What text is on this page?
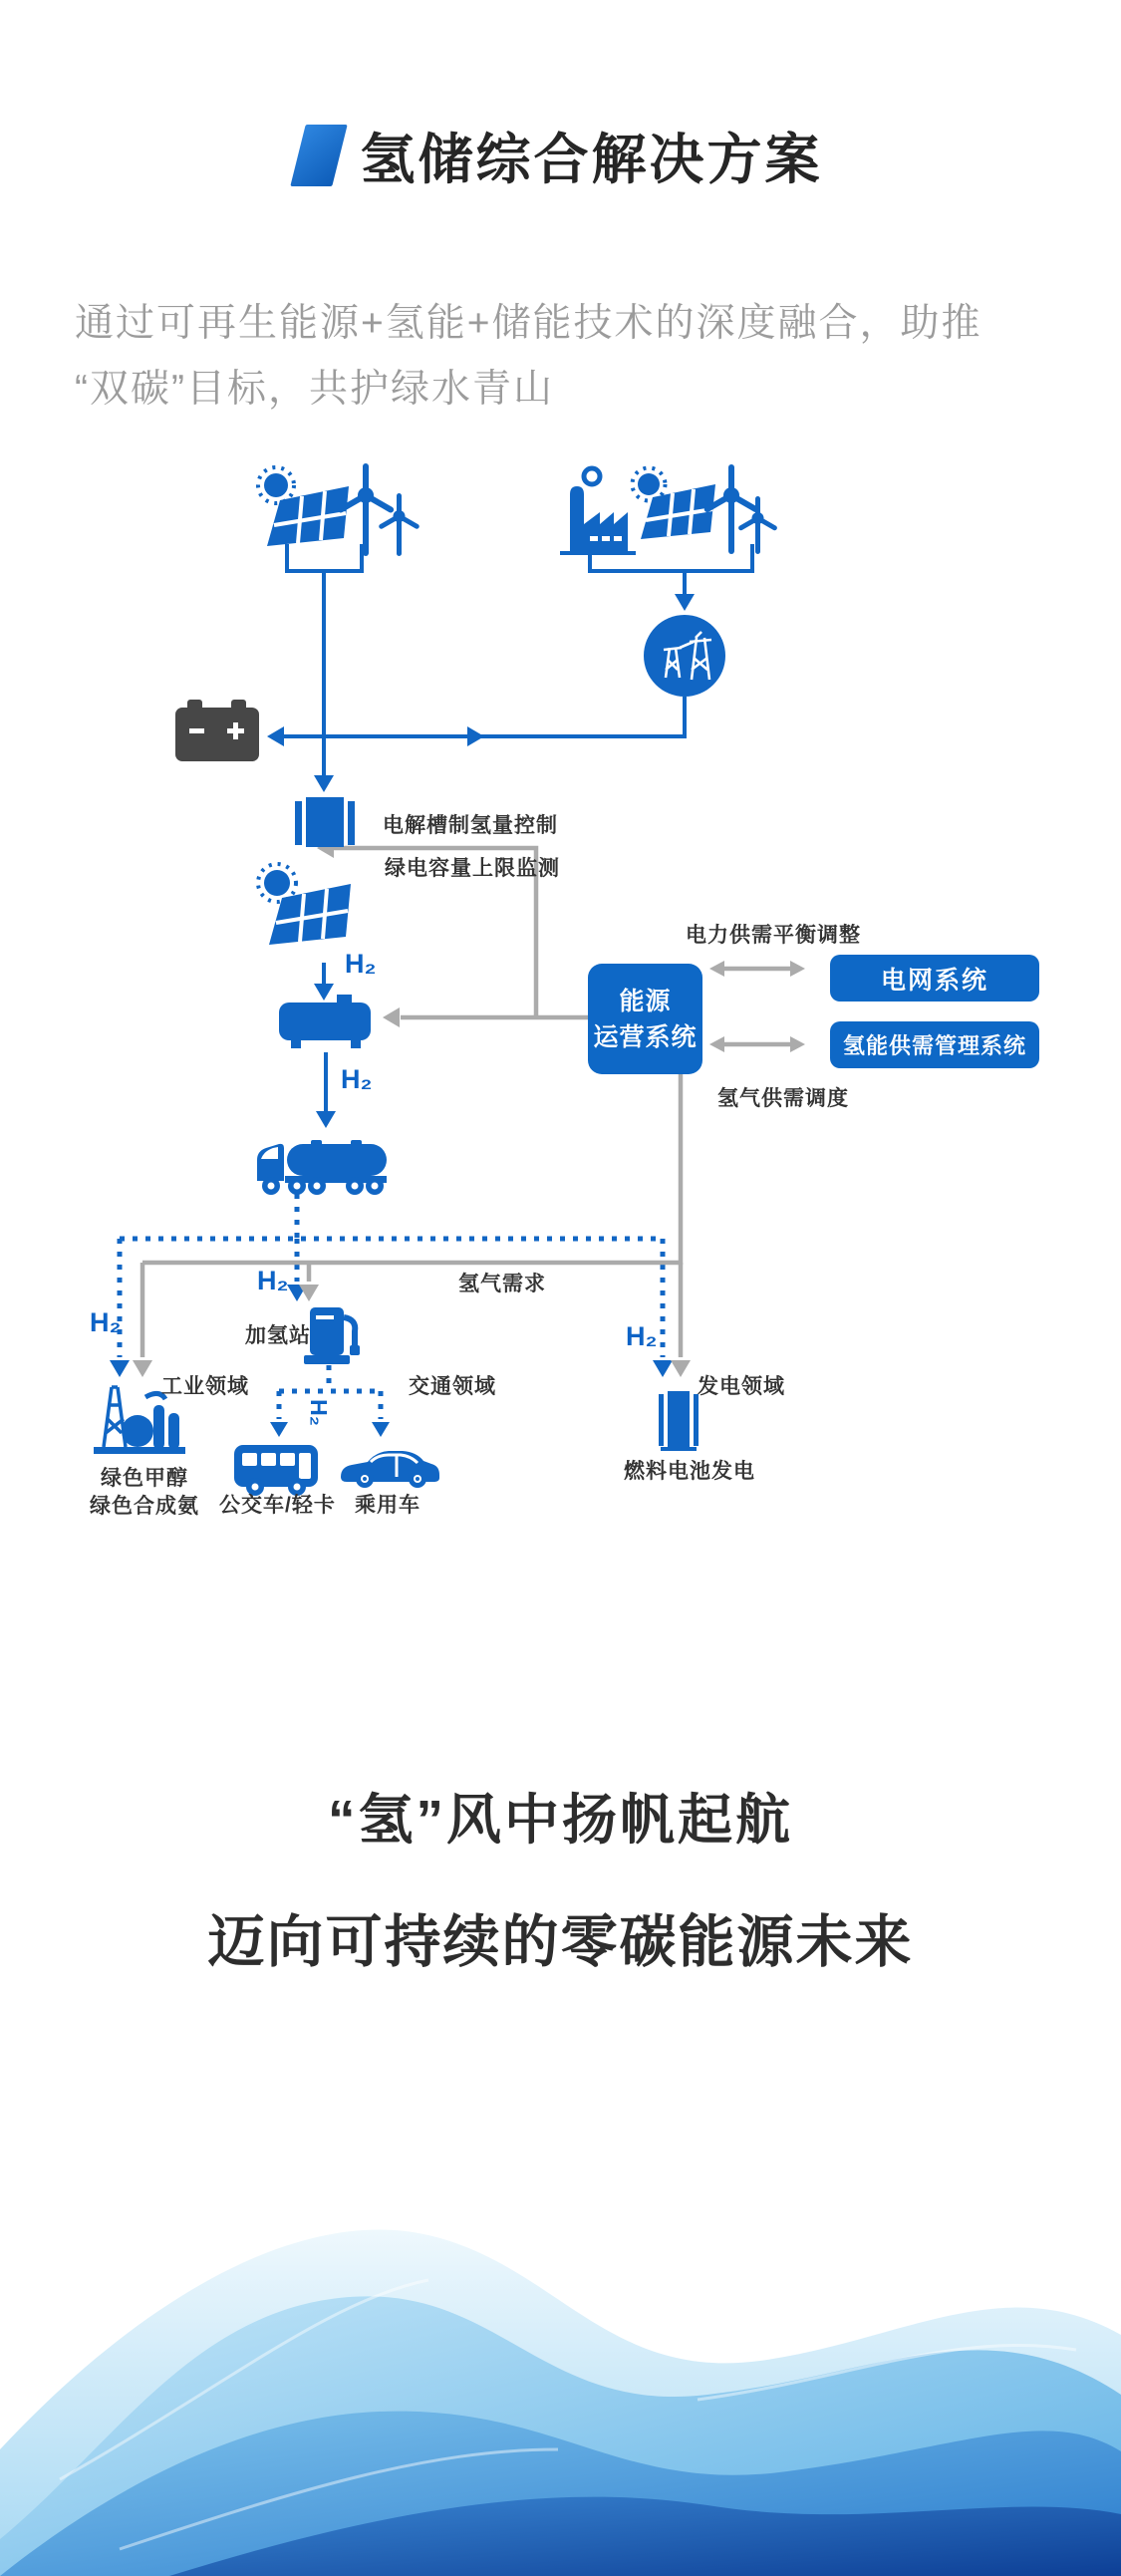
氢储综合解决方案
通过可再生能源+氢能+储能技术的深度融合，助推
“双碳”目标，共护绿水青山
电解槽制氢量控制
绿电容量上限监测
电力供需平衡调整
氢气供需调度
氢气需求
加氢站
工业领域	交通领域	发电领域
绿色甲醇
绿色合成氨 公交车/轻卡 乘用车
燃料电池发电
H₂
H₂
H₂
H₂	H₂
H₂
能源
运营系统
电网系统
氢能供需管理系统
“氢”风中扬帆起航
迈向可持续的零碳能源未来
